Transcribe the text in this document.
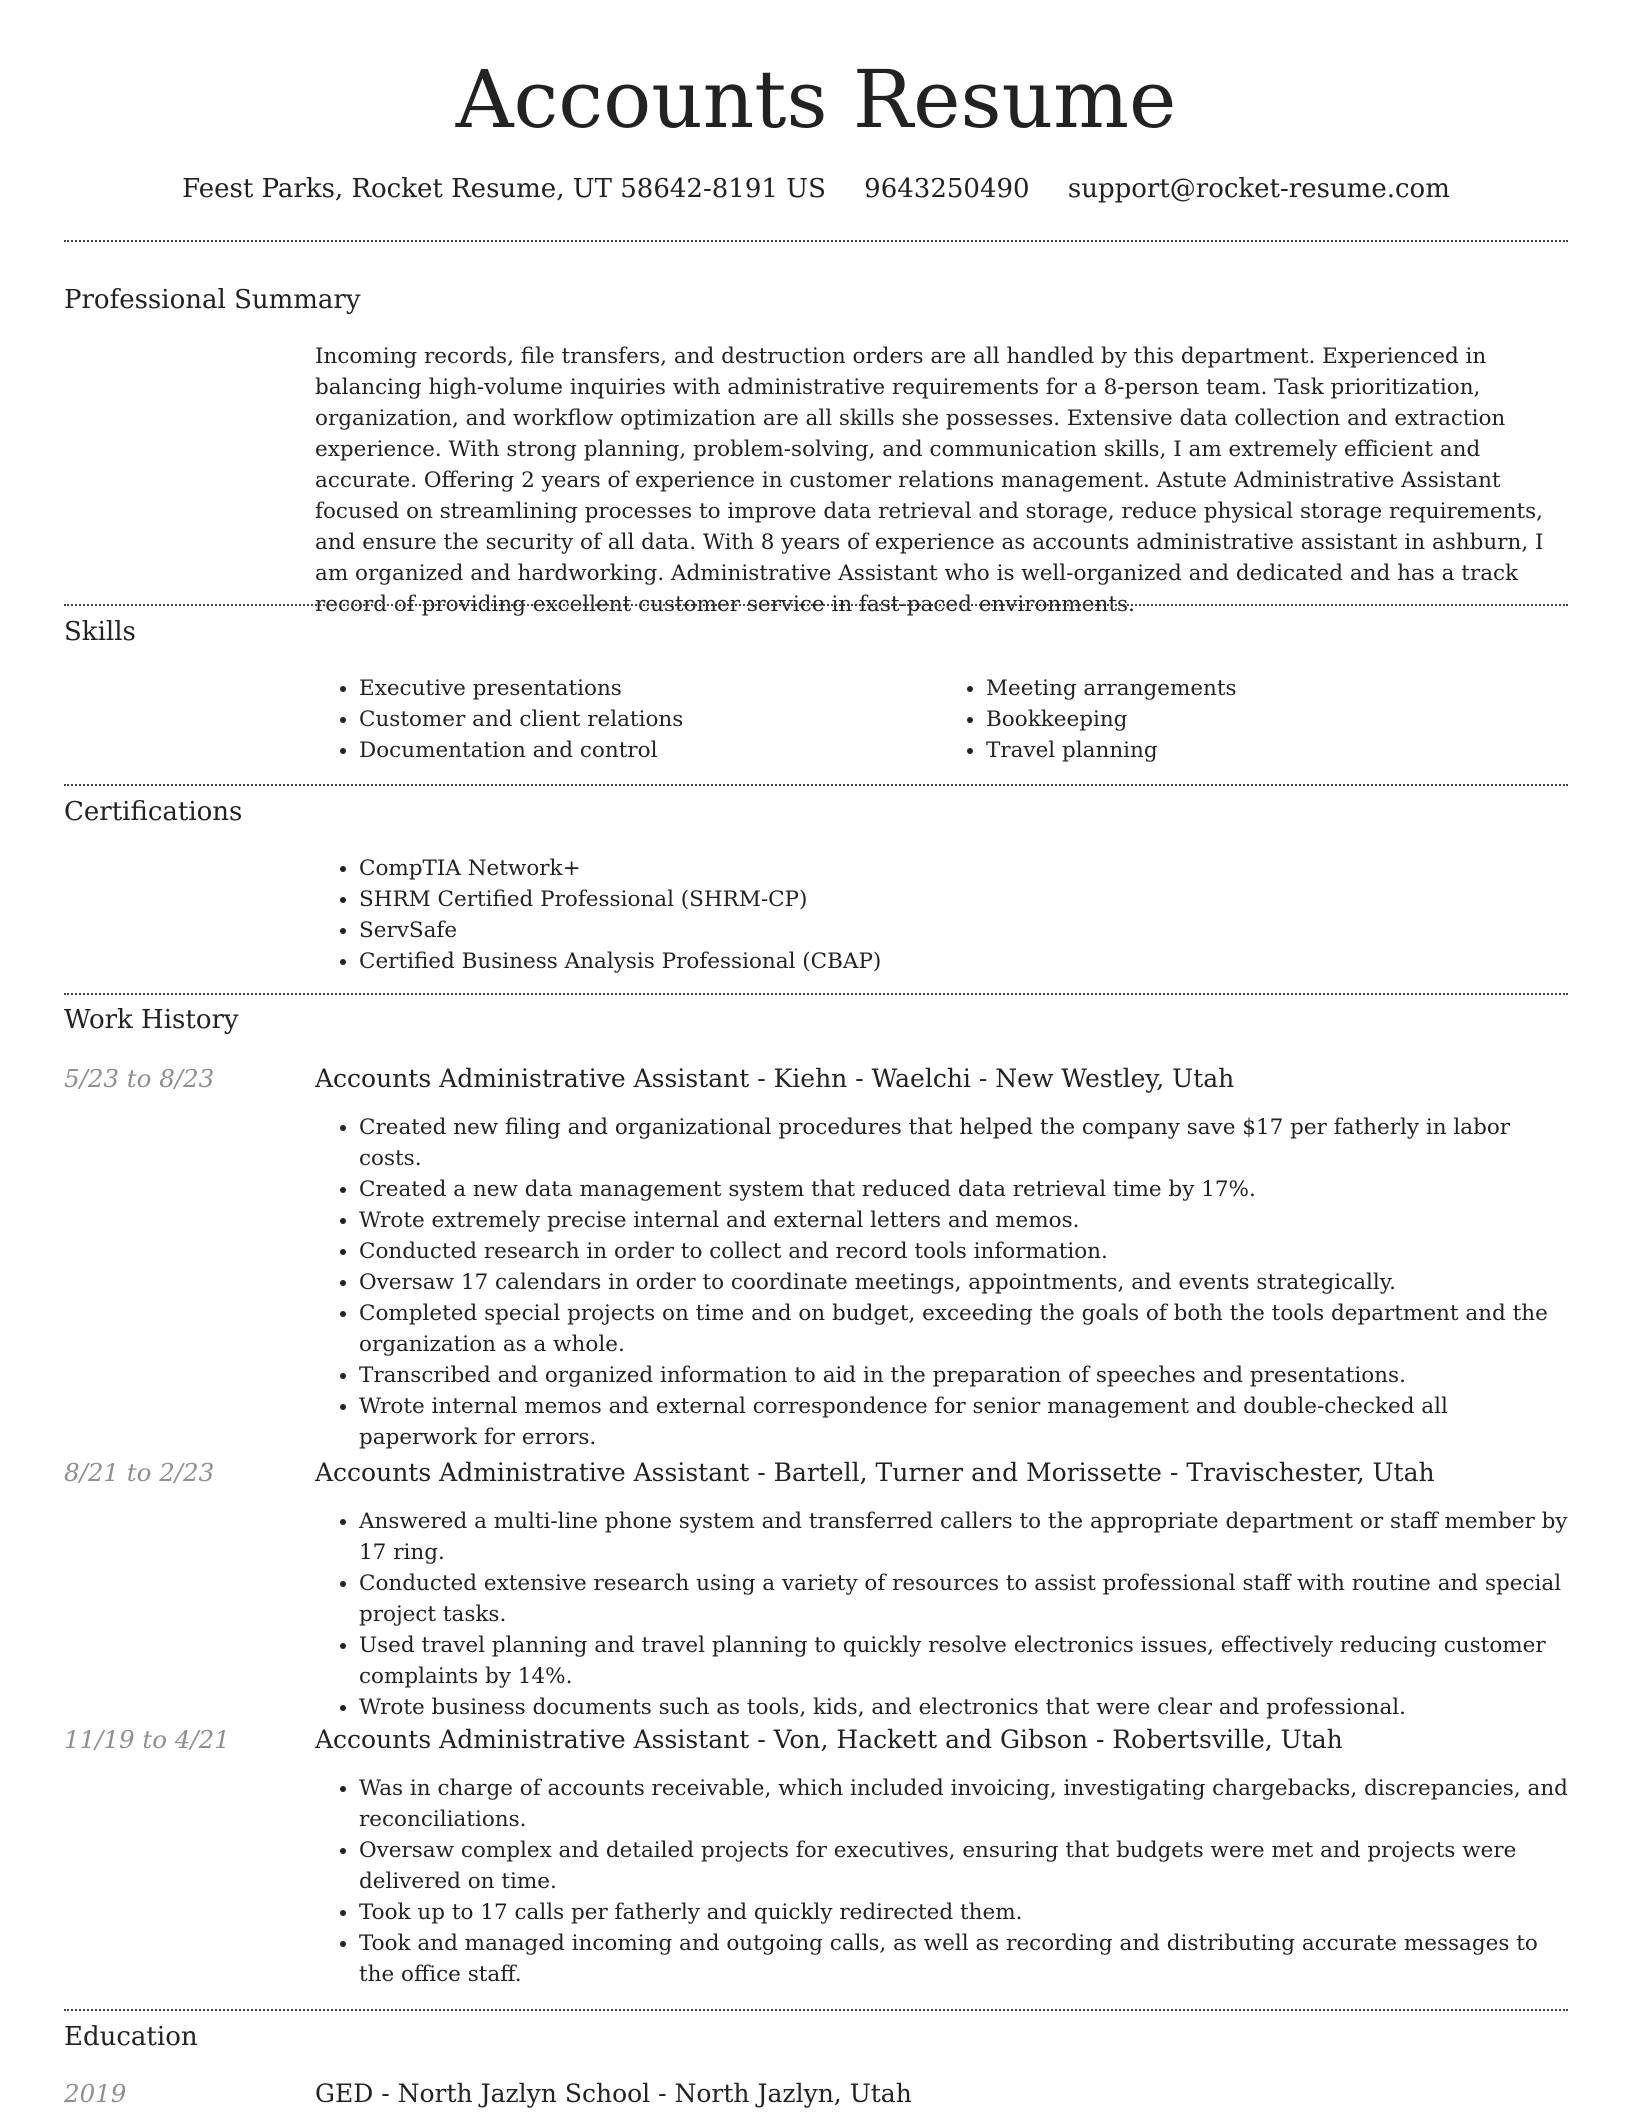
Accounts Resume
Feest Parks, Rocket Resume, UT 58642-8191 US 9643250490 support@rocket-resume.com
Professional Summary

Incoming records, file transfers, and destruction orders are all handled by this department. Experienced in balancing high-volume inquiries with administrative requirements for a 8-person team. Task prioritization, organization, and workflow optimization are all skills she possesses. Extensive data collection and extraction experience. With strong planning, problem-solving, and communication skills, I am extremely efficient and accurate. Offering 2 years of experience in customer relations management. Astute Administrative Assistant focused on streamlining processes to improve data retrieval and storage, reduce physical storage requirements, and ensure the security of all data. With 8 years of experience as accounts administrative assistant in ashburn, I am organized and hardworking. Administrative Assistant who is well-organized and dedicated and has a track record of providing excellent customer service in fast-paced environments.

Skills
• Executive presentations
• Customer and client relations
• Documentation and control
• Meeting arrangements
• Bookkeeping
• Travel planning
Certifications
• CompTIA Network+
• SHRM Certified Professional (SHRM-CP)
• ServSafe
• Certified Business Analysis Professional (CBAP)
Work History
5/23 to 8/23	Accounts Administrative Assistant - Kiehn - Waelchi - New Westley, Utah
• Created new filing and organizational procedures that helped the company save $17 per fatherly in labor costs.
• Created a new data management system that reduced data retrieval time by 17%.
• Wrote extremely precise internal and external letters and memos.
• Conducted research in order to collect and record tools information.
• Oversaw 17 calendars in order to coordinate meetings, appointments, and events strategically.
• Completed special projects on time and on budget, exceeding the goals of both the tools department and the organization as a whole.
• Transcribed and organized information to aid in the preparation of speeches and presentations.
• Wrote internal memos and external correspondence for senior management and double-checked all paperwork for errors.
8/21 to 2/23	Accounts Administrative Assistant - Bartell, Turner and Morissette - Travischester, Utah
• Answered a multi-line phone system and transferred callers to the appropriate department or staff member by 17 ring.
• Conducted extensive research using a variety of resources to assist professional staff with routine and special project tasks.
• Used travel planning and travel planning to quickly resolve electronics issues, effectively reducing customer complaints by 14%.
• Wrote business documents such as tools, kids, and electronics that were clear and professional.
11/19 to 4/21	Accounts Administrative Assistant - Von, Hackett and Gibson - Robertsville, Utah
• Was in charge of accounts receivable, which included invoicing, investigating chargebacks, discrepancies, and reconciliations.
• Oversaw complex and detailed projects for executives, ensuring that budgets were met and projects were delivered on time.
• Took up to 17 calls per fatherly and quickly redirected them.
• Took and managed incoming and outgoing calls, as well as recording and distributing accurate messages to the office staff.
Education
2019	GED - North Jazlyn School - North Jazlyn, Utah
